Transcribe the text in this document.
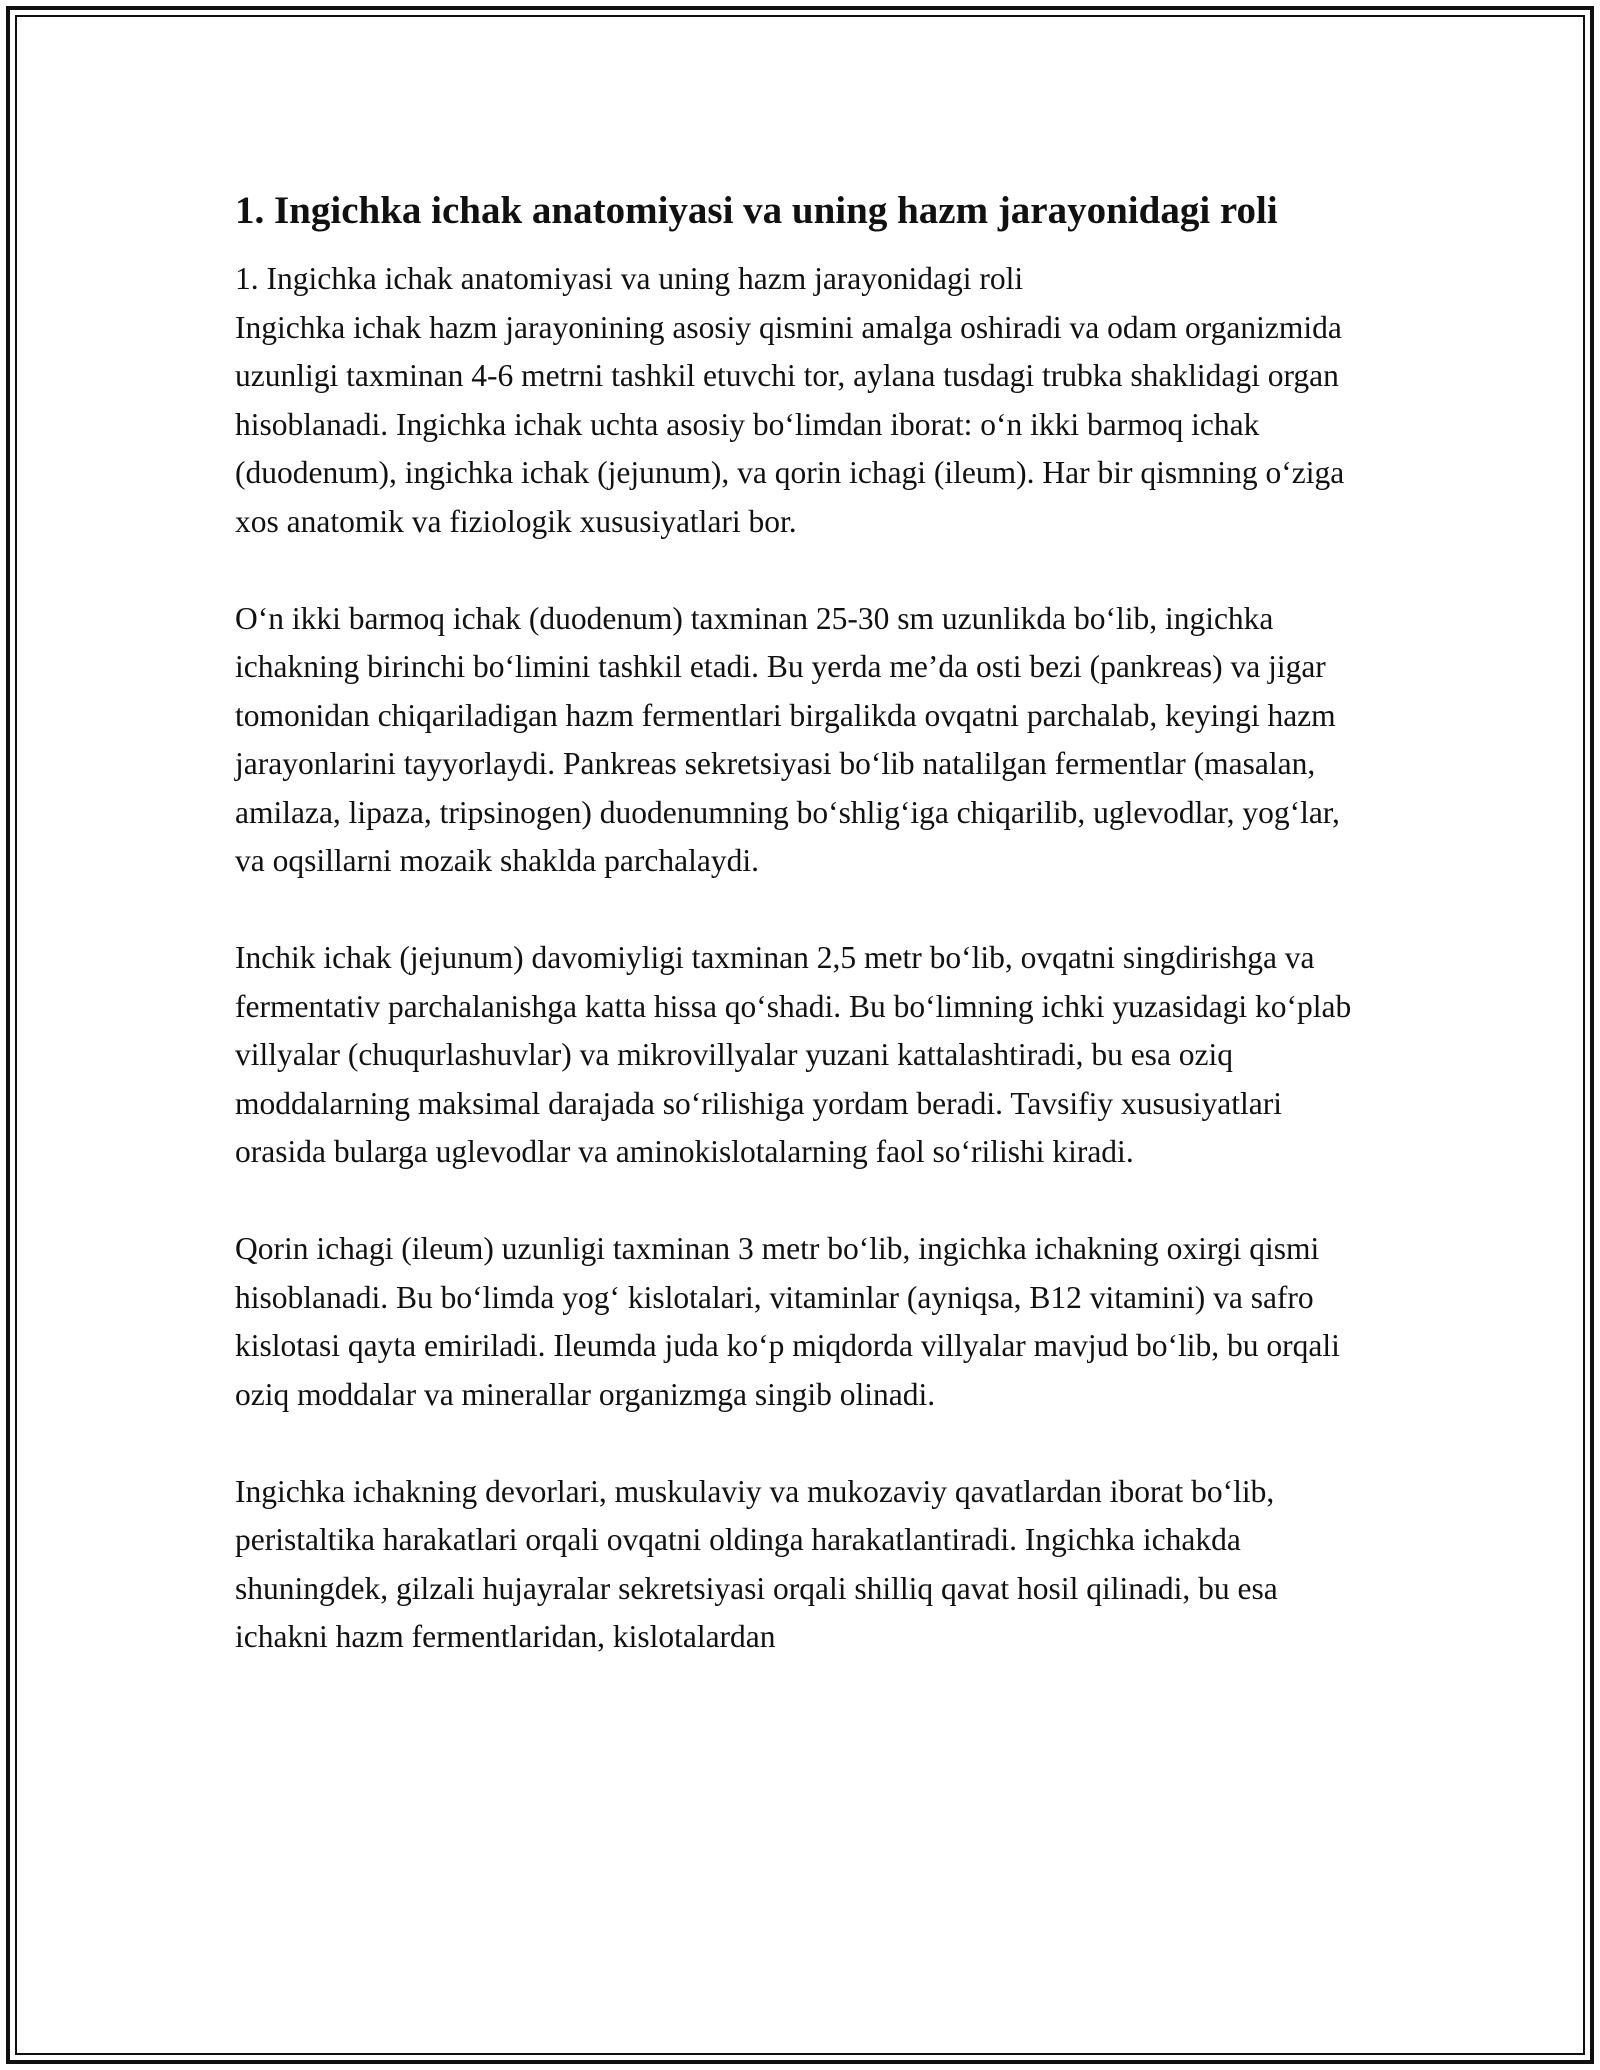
1. Ingichka ichak anatomiyasi va uning hazm jarayonidagi roli

1. Ingichka ichak anatomiyasi va uning hazm jarayonidagi roli
Ingichka ichak hazm jarayonining asosiy qismini amalga oshiradi va odam organizmida uzunligi taxminan 4-6 metrni tashkil etuvchi tor, aylana tusdagi trubka shaklidagi organ hisoblanadi. Ingichka ichak uchta asosiy bo‘limdan iborat: o‘n ikki barmoq ichak (duodenum), ingichka ichak (jejunum), va qorin ichagi (ileum). Har bir qismning o‘ziga xos anatomik va fiziologik xususiyatlari bor.

O‘n ikki barmoq ichak (duodenum) taxminan 25-30 sm uzunlikda bo‘lib, ingichka ichakning birinchi bo‘limini tashkil etadi. Bu yerda me’da osti bezi (pankreas) va jigar tomonidan chiqariladigan hazm fermentlari birgalikda ovqatni parchalab, keyingi hazm jarayonlarini tayyorlaydi. Pankreas sekretsiyasi bo‘lib natalilgan fermentlar (masalan, amilaza, lipaza, tripsinogen) duodenumning bo‘shlig‘iga chiqarilib, uglevodlar, yog‘lar, va oqsillarni mozaik shaklda parchalaydi.

Inchik ichak (jejunum) davomiyligi taxminan 2,5 metr bo‘lib, ovqatni singdirishga va fermentativ parchalanishga katta hissa qo‘shadi. Bu bo‘limning ichki yuzasidagi ko‘plab villyalar (chuqurlashuvlar) va mikrovillyalar yuzani kattalashtiradi, bu esa oziq moddalarning maksimal darajada so‘rilishiga yordam beradi. Tavsifiy xususiyatlari orasida bularga uglevodlar va aminokislotalarning faol so‘rilishi kiradi.

Qorin ichagi (ileum) uzunligi taxminan 3 metr bo‘lib, ingichka ichakning oxirgi qismi hisoblanadi. Bu bo‘limda yog‘ kislotalari, vitaminlar (ayniqsa, B12 vitamini) va safro kislotasi qayta emiriladi. Ileumda juda ko‘p miqdorda villyalar mavjud bo‘lib, bu orqali oziq moddalar va minerallar organizmga singib olinadi.

Ingichka ichakning devorlari, muskulaviy va mukozaviy qavatlardan iborat bo‘lib, peristaltika harakatlari orqali ovqatni oldinga harakatlantiradi. Ingichka ichakda shuningdek, gilzali hujayralar sekretsiyasi orqali shilliq qavat hosil qilinadi, bu esa ichakni hazm fermentlaridan, kislotalardan
